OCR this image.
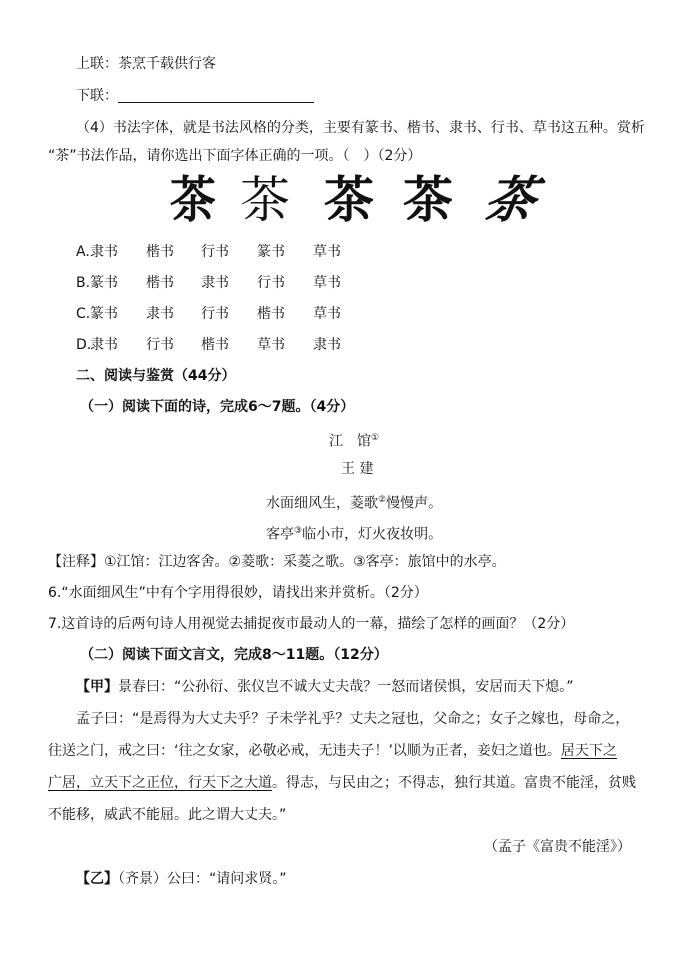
上联：茶烹千载供行客
下联：
（4）书法字体，就是书法风格的分类，主要有篆书、楷书、隶书、行书、草书这五种。赏析
“茶”书法作品，请你选出下面字体正确的一项。（　）（2分）
茶 茶 茶 茶 茶
A. 隶书 楷书 行书 篆书 草书
B. 篆书 楷书 隶书 行书 草书
C. 篆书 隶书 行书 楷书 草书
D.
隶书 行书 楷书 草书 隶书
二、阅读与鉴赏（44分）
（一）阅读下面的诗，完成6～7题。（4分）
江　馆①
王 建
水面细风生，菱歌②慢慢声。
客亭③临小市，灯火夜妆明。
【注释】①江馆：江边客舍。②菱歌：采菱之歌。③客亭：旅馆中的水亭。
6.“水面细风生”中有个字用得很妙，请找出来并赏析。（2分）
7.这首诗的后两句诗人用视觉去捕捉夜市最动人的一幕，描绘了怎样的画面？（2分）
（二）阅读下面文言文，完成8～11题。（12分）
【甲】景春曰：“公孙衍、张仪岂不诚大丈夫哉？一怒而诸侯惧，安居而天下熄。”
孟子曰：“是焉得为大丈夫乎？子未学礼乎？丈夫之冠也，父命之；女子之嫁也，母命之，
往送之门，戒之曰：‘往之女家，必敬必戒，无违夫子！’以顺为正者，妾妇之道也。居天下之
广居，立天下之正位，行天下之大道。得志，与民由之；不得志，独行其道。富贵不能淫，贫贱
不能移，威武不能屈。此之谓大丈夫。”
（孟子《富贵不能淫》）
【乙】（齐景）公曰：“请问求贤。”
